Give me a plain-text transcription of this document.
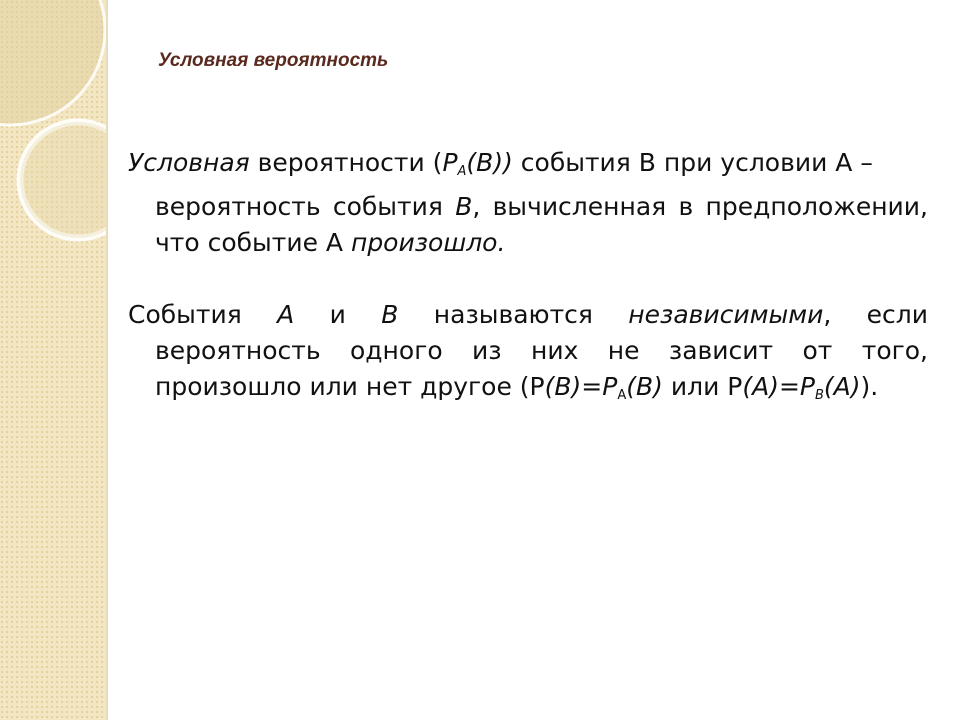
Условная вероятность

Условная вероятности $(P_A(B))$ события В при условии А –
вероятность события B, вычисленная в предположении, что событие А произошло.

События A и B называются независимыми, если вероятность одного из них не зависит от того, произошло или нет другое ($Р(B)=P_A(B)$ или $Р(A)=P_B(A)$).
